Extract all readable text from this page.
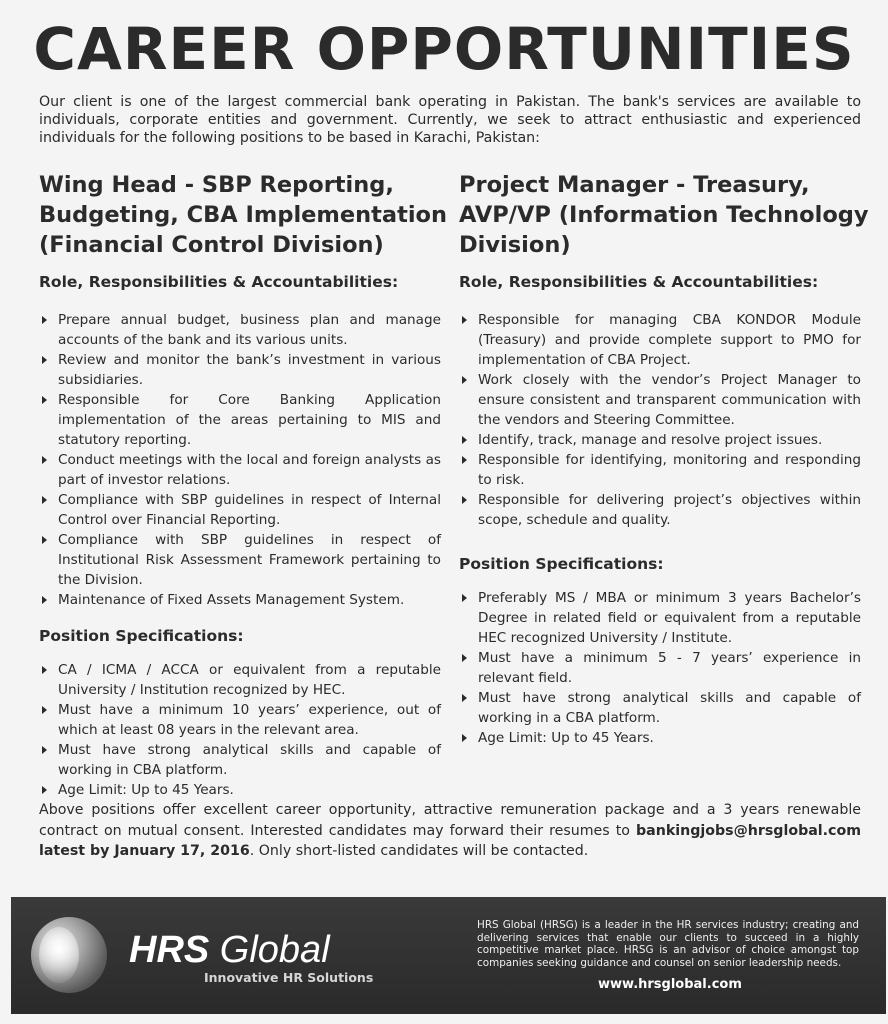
CAREER OPPORTUNITIES

Our client is one of the largest commercial bank operating in Pakistan. The bank's services are available to individuals, corporate entities and government. Currently, we seek to attract enthusiastic and experienced individuals for the following positions to be based in Karachi, Pakistan:

Wing Head - SBP Reporting,
Budgeting, CBA Implementation
(Financial Control Division)
Role, Responsibilities & Accountabilities:
Prepare annual budget, business plan and manage accounts of the bank and its various units.
Review and monitor the bank’s investment in various subsidiaries.
Responsible for Core Banking Application implementation of the areas pertaining to MIS and statutory reporting.
Conduct meetings with the local and foreign analysts as part of investor relations.
Compliance with SBP guidelines in respect of Internal Control over Financial Reporting.
Compliance with SBP guidelines in respect of Institutional Risk Assessment Framework pertaining to the Division.
Maintenance of Fixed Assets Management System.
Position Specifications:
CA / ICMA / ACCA or equivalent from a reputable University / Institution recognized by HEC.
Must have a minimum 10 years’ experience, out of which at least 08 years in the relevant area.
Must have strong analytical skills and capable of working in CBA platform.
Age Limit: Up to 45 Years.
Project Manager - Treasury,
AVP/VP (Information Technology
Division)
Role, Responsibilities & Accountabilities:
Responsible for managing CBA KONDOR Module (Treasury) and provide complete support to PMO for implementation of CBA Project.
Work closely with the vendor’s Project Manager to ensure consistent and transparent communication with the vendors and Steering Committee.
Identify, track, manage and resolve project issues.
Responsible for identifying, monitoring and responding to risk.
Responsible for delivering project’s objectives within scope, schedule and quality.
Position Specifications:
Preferably MS / MBA or minimum 3 years Bachelor’s Degree in related field or equivalent from a reputable HEC recognized University / Institute.
Must have a minimum 5 - 7 years’ experience in relevant field.
Must have strong analytical skills and capable of working in a CBA platform.
Age Limit: Up to 45 Years.

Above positions offer excellent career opportunity, attractive remuneration package and a 3 years renewable contract on mutual consent. Interested candidates may forward their resumes to bankingjobs@hrsglobal.com latest by January 17, 2016. Only short-listed candidates will be contacted.

HRS Global
Innovative HR Solutions

HRS Global (HRSG) is a leader in the HR services industry; creating and delivering services that enable our clients to succeed in a highly competitive market place. HRSG is an advisor of choice amongst top companies seeking guidance and counsel on senior leadership needs.

www.hrsglobal.com
